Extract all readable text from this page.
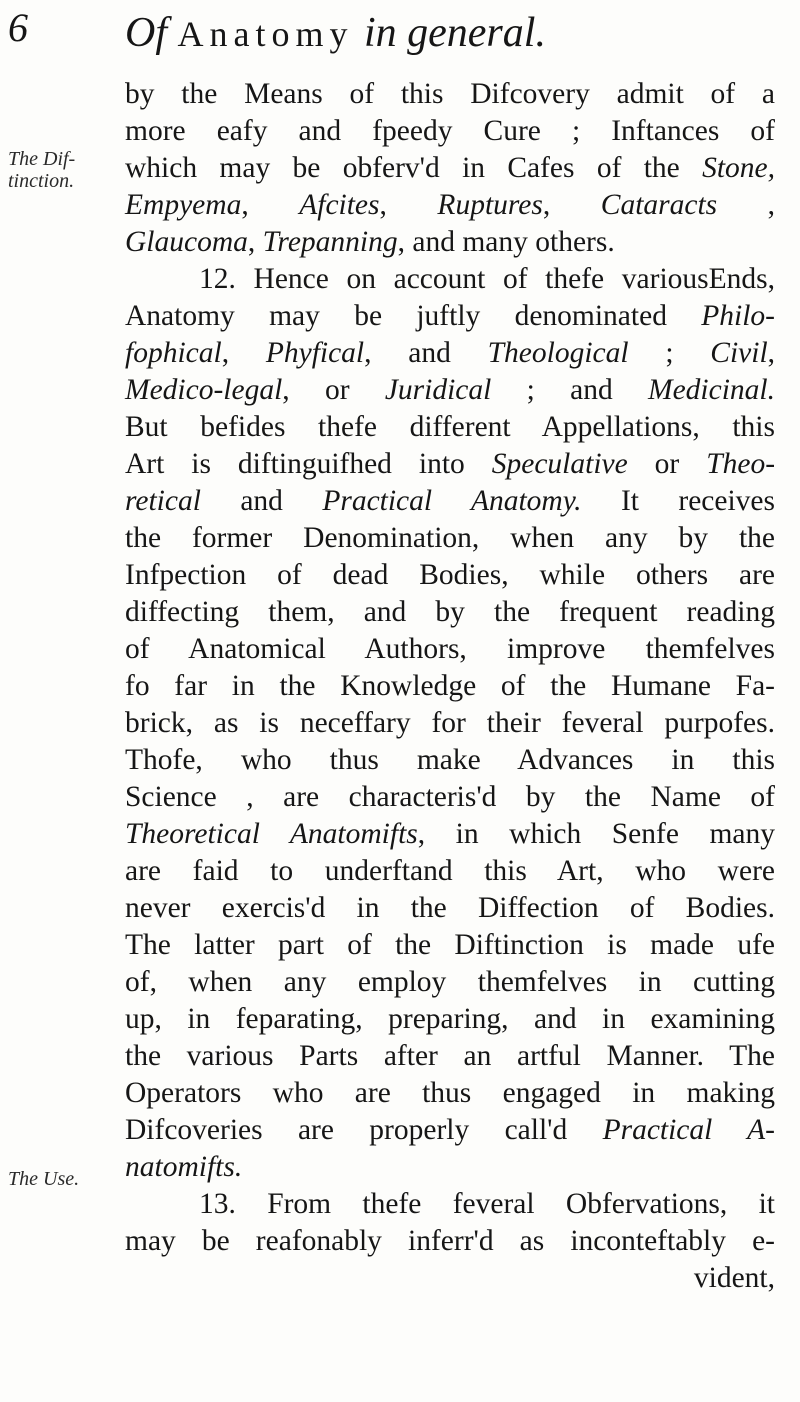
6 Of Anatomy in general.
The Dif-
tinction.
The Use.
by the Means of this Difcovery admit of a
more eafy and fpeedy Cure ; Inftances of
which may be obferv'd in Cafes of the Stone,
Empyema, Afcites, Ruptures, Cataracts ,
Glaucoma, Trepanning, and many others.
12. Hence on account of thefe variousEnds,
Anatomy may be juftly denominated Philo-
fophical, Phyfical, and Theological ; Civil,
Medico-legal, or Juridical ; and Medicinal.
But befides thefe different Appellations, this
Art is diftinguifhed into Speculative or Theo-
retical and Practical Anatomy. It receives
the former Denomination, when any by the
Infpection of dead Bodies, while others are
diffecting them, and by the frequent reading
of Anatomical Authors, improve themfelves
fo far in the Knowledge of the Humane Fa-
brick, as is neceffary for their feveral purpofes.
Thofe, who thus make Advances in this
Science , are characteris'd by the Name of
Theoretical Anatomifts, in which Senfe many
are faid to underftand this Art, who were
never exercis'd in the Diffection of Bodies.
The latter part of the Diftinction is made ufe
of, when any employ themfelves in cutting
up, in feparating, preparing, and in examining
the various Parts after an artful Manner. The
Operators who are thus engaged in making
Difcoveries are properly call'd Practical A-
natomifts.
13. From thefe feveral Obfervations, it
may be reafonably inferr'd as inconteftably e-
vident,
